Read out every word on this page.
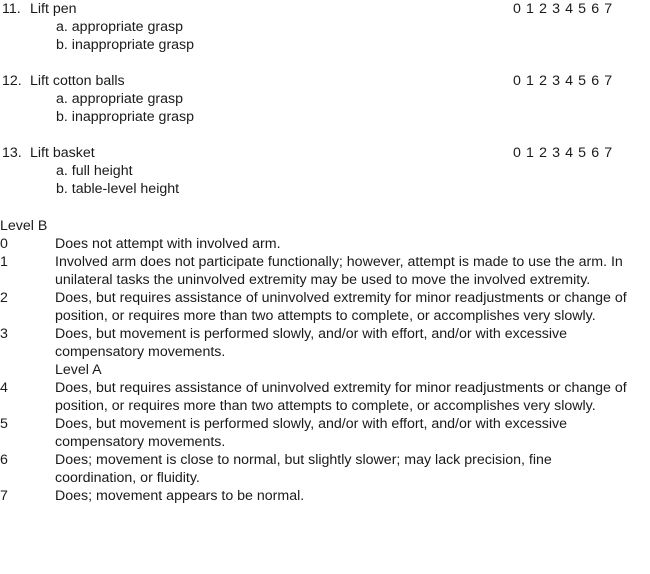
11. Lift pen	0 1 2 3 4 5 6 7
a. appropriate grasp
b. inappropriate grasp
12. Lift cotton balls	0 1 2 3 4 5 6 7
a. appropriate grasp
b. inappropriate grasp
13. Lift basket	0 1 2 3 4 5 6 7
a. full height
b. table-level height
Level B
0	Does not attempt with involved arm.
1	Involved arm does not participate functionally; however, attempt is made to use the arm. In unilateral tasks the uninvolved extremity may be used to move the involved extremity.
2	Does, but requires assistance of uninvolved extremity for minor readjustments or change of position, or requires more than two attempts to complete, or accomplishes very slowly.
3	Does, but movement is performed slowly, and/or with effort, and/or with excessive compensatory movements.
Level A
4	Does, but requires assistance of uninvolved extremity for minor readjustments or change of position, or requires more than two attempts to complete, or accomplishes very slowly.
5	Does, but movement is performed slowly, and/or with effort, and/or with excessive compensatory movements.
6	Does; movement is close to normal, but slightly slower; may lack precision, fine coordination, or fluidity.
7	Does; movement appears to be normal.
